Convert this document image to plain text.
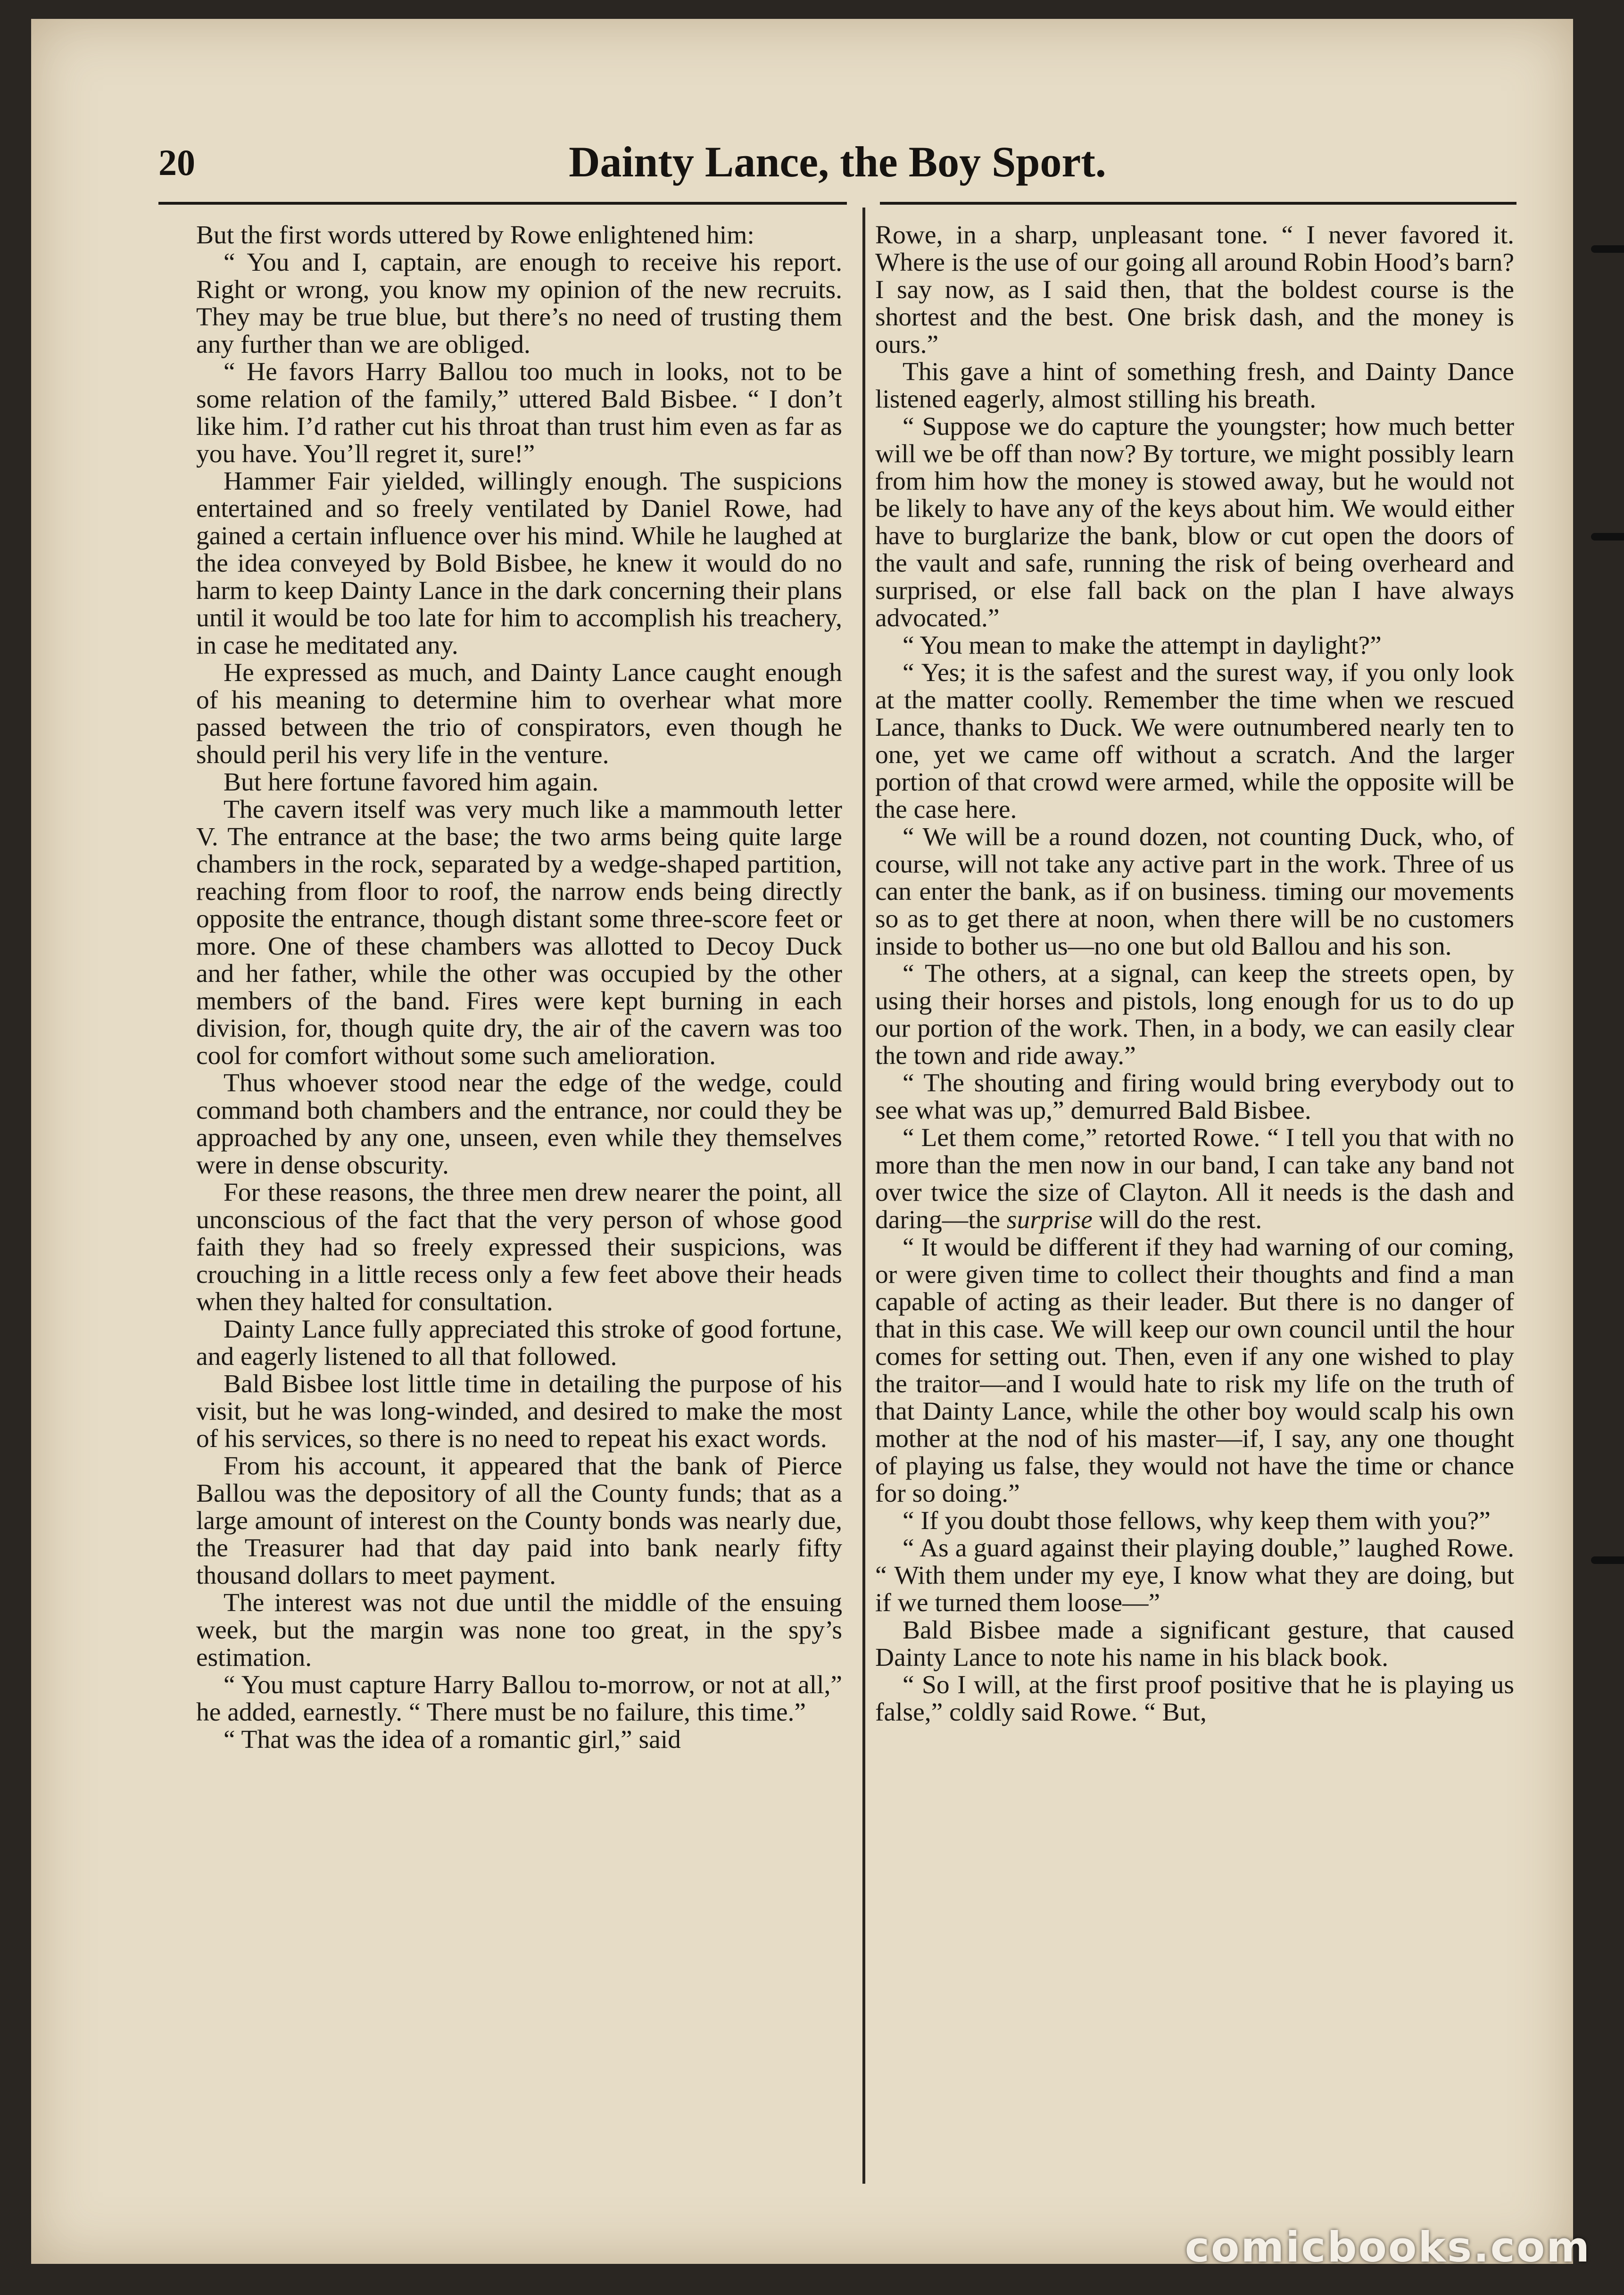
20	Dainty Lance, the Boy Sport.

But the first words uttered by Rowe enlightened him:

“ You and I, captain, are enough to receive his report. Right or wrong, you know my opinion of the new recruits. They may be true blue, but there’s no need of trusting them any further than we are obliged.

“ He favors Harry Ballou too much in looks, not to be some relation of the family,” uttered Bald Bisbee. “ I don’t like him. I’d rather cut his throat than trust him even as far as you have. You’ll regret it, sure!”

Hammer Fair yielded, willingly enough. The suspicions entertained and so freely ventilated by Daniel Rowe, had gained a certain influence over his mind. While he laughed at the idea conveyed by Bold Bisbee, he knew it would do no harm to keep Dainty Lance in the dark concerning their plans until it would be too late for him to accomplish his treachery, in case he meditated any.

He expressed as much, and Dainty Lance caught enough of his meaning to determine him to overhear what more passed between the trio of conspirators, even though he should peril his very life in the venture.

But here fortune favored him again.

The cavern itself was very much like a mammouth letter V. The entrance at the base; the two arms being quite large chambers in the rock, separated by a wedge-shaped partition, reaching from floor to roof, the narrow ends being directly opposite the entrance, though distant some three-score feet or more. One of these chambers was allotted to Decoy Duck and her father, while the other was occupied by the other members of the band. Fires were kept burning in each division, for, though quite dry, the air of the cavern was too cool for comfort without some such amelioration.

Thus whoever stood near the edge of the wedge, could command both chambers and the entrance, nor could they be approached by any one, unseen, even while they themselves were in dense obscurity.

For these reasons, the three men drew nearer the point, all unconscious of the fact that the very person of whose good faith they had so freely expressed their suspicions, was crouching in a little recess only a few feet above their heads when they halted for consultation.

Dainty Lance fully appreciated this stroke of good fortune, and eagerly listened to all that followed.

Bald Bisbee lost little time in detailing the purpose of his visit, but he was long-winded, and desired to make the most of his services, so there is no need to repeat his exact words.

From his account, it appeared that the bank of Pierce Ballou was the depository of all the County funds; that as a large amount of interest on the County bonds was nearly due, the Treasurer had that day paid into bank nearly fifty thousand dollars to meet payment.

The interest was not due until the middle of the ensuing week, but the margin was none too great, in the spy’s estimation.

“ You must capture Harry Ballou to-morrow, or not at all,” he added, earnestly. “ There must be no failure, this time.”

“ That was the idea of a romantic girl,” said

Rowe, in a sharp, unpleasant tone. “ I never favored it. Where is the use of our going all around Robin Hood’s barn? I say now, as I said then, that the boldest course is the shortest and the best. One brisk dash, and the money is ours.”

This gave a hint of something fresh, and Dainty Dance listened eagerly, almost stilling his breath.

“ Suppose we do capture the youngster; how much better will we be off than now? By torture, we might possibly learn from him how the money is stowed away, but he would not be likely to have any of the keys about him. We would either have to burglarize the bank, blow or cut open the doors of the vault and safe, running the risk of being overheard and surprised, or else fall back on the plan I have always advocated.”

“ You mean to make the attempt in daylight?”

“ Yes; it is the safest and the surest way, if you only look at the matter coolly. Remember the time when we rescued Lance, thanks to Duck. We were outnumbered nearly ten to one, yet we came off without a scratch. And the larger portion of that crowd were armed, while the opposite will be the case here.

“ We will be a round dozen, not counting Duck, who, of course, will not take any active part in the work. Three of us can enter the bank, as if on business. timing our movements so as to get there at noon, when there will be no customers inside to bother us—no one but old Ballou and his son.

“ The others, at a signal, can keep the streets open, by using their horses and pistols, long enough for us to do up our portion of the work. Then, in a body, we can easily clear the town and ride away.”

“ The shouting and firing would bring everybody out to see what was up,” demurred Bald Bisbee.

“ Let them come,” retorted Rowe. “ I tell you that with no more than the men now in our band, I can take any band not over twice the size of Clayton. All it needs is the dash and daring—the surprise will do the rest.

“ It would be different if they had warning of our coming, or were given time to collect their thoughts and find a man capable of acting as their leader. But there is no danger of that in this case. We will keep our own council until the hour comes for setting out. Then, even if any one wished to play the traitor—and I would hate to risk my life on the truth of that Dainty Lance, while the other boy would scalp his own mother at the nod of his master—if, I say, any one thought of playing us false, they would not have the time or chance for so doing.”

“ If you doubt those fellows, why keep them with you?”

“ As a guard against their playing double,” laughed Rowe. “ With them under my eye, I know what they are doing, but if we turned them loose—”

Bald Bisbee made a significant gesture, that caused Dainty Lance to note his name in his black book.

“ So I will, at the first proof positive that he is playing us false,” coldly said Rowe. “ But,

comicbooks.com
